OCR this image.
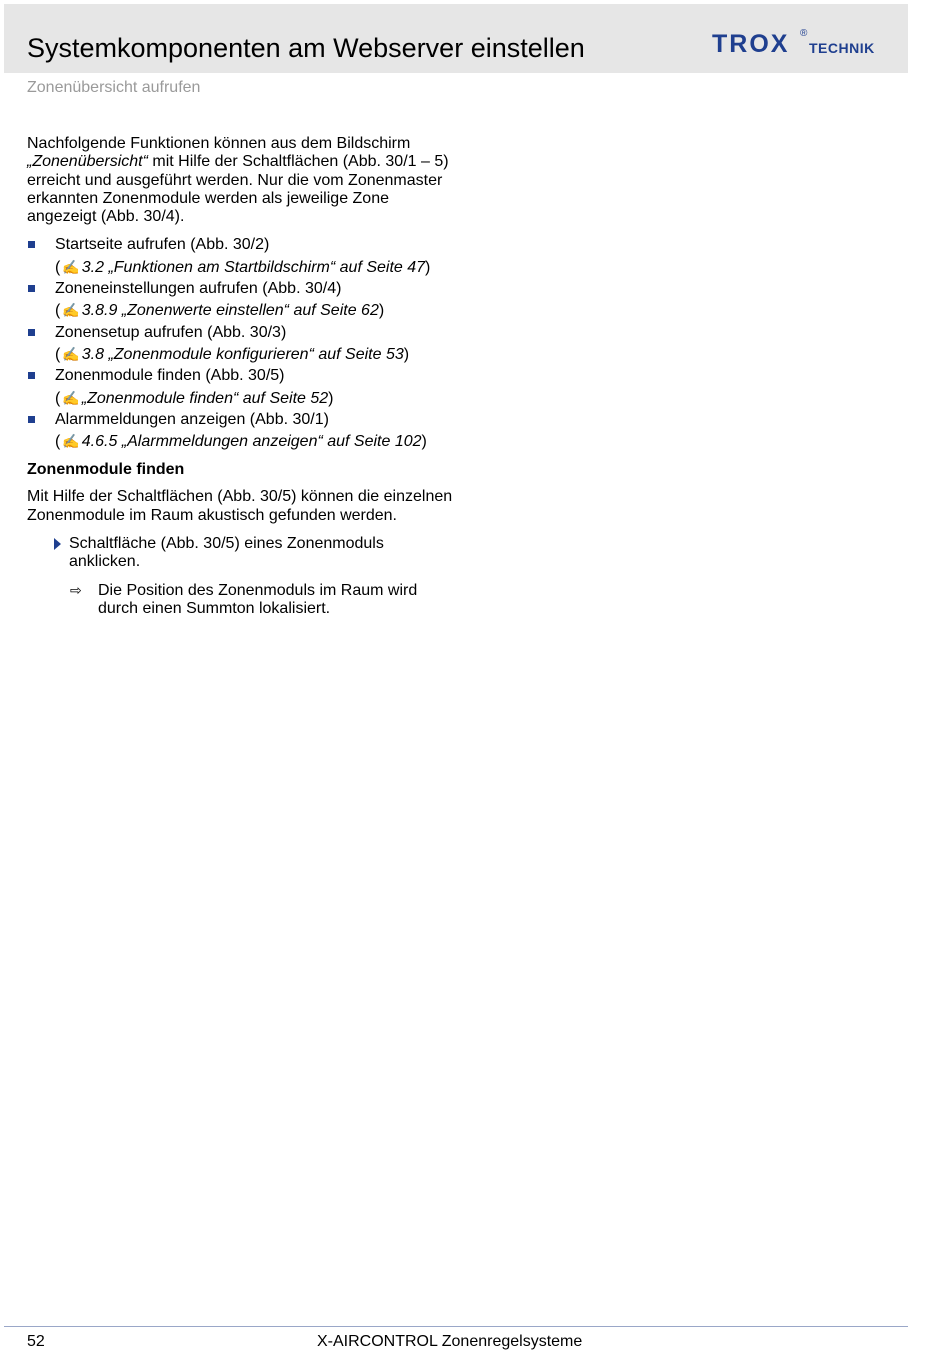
Systemkomponenten am Webserver einstellen	TROX ®
TECHNIK
Zonenübersicht aufrufen

Nachfolgende Funktionen können aus dem Bildschirm „Zonenübersicht“ mit Hilfe der Schaltflächen (Abb. 30/1 – 5) erreicht und ausgeführt werden. Nur die vom Zonenmaster erkannten Zonenmodule werden als jeweilige Zone angezeigt (Abb. 30/4).

Startseite aufrufen (Abb. 30/2)
( ✍ 3.2 „Funktionen am Startbildschirm“ auf Seite 47)
Zoneneinstellungen aufrufen (Abb. 30/4)
( ✍ 3.8.9 „Zonenwerte einstellen“ auf Seite 62)
Zonensetup aufrufen (Abb. 30/3)
( ✍ 3.8 „Zonenmodule konfigurieren“ auf Seite 53)
Zonenmodule finden (Abb. 30/5)
( ✍ „Zonenmodule finden“ auf Seite 52)
Alarmmeldungen anzeigen (Abb. 30/1)
( ✍ 4.6.5 „Alarmmeldungen anzeigen“ auf Seite 102)
Zonenmodule finden

Mit Hilfe der Schaltflächen (Abb. 30/5) können die einzelnen Zonenmodule im Raum akustisch gefunden werden.

Schaltfläche (Abb. 30/5) eines Zonenmoduls anklicken.
⇨ Die Position des Zonenmoduls im Raum wird durch einen Summton lokalisiert.
52	X-AIRCONTROL Zonenregelsysteme
